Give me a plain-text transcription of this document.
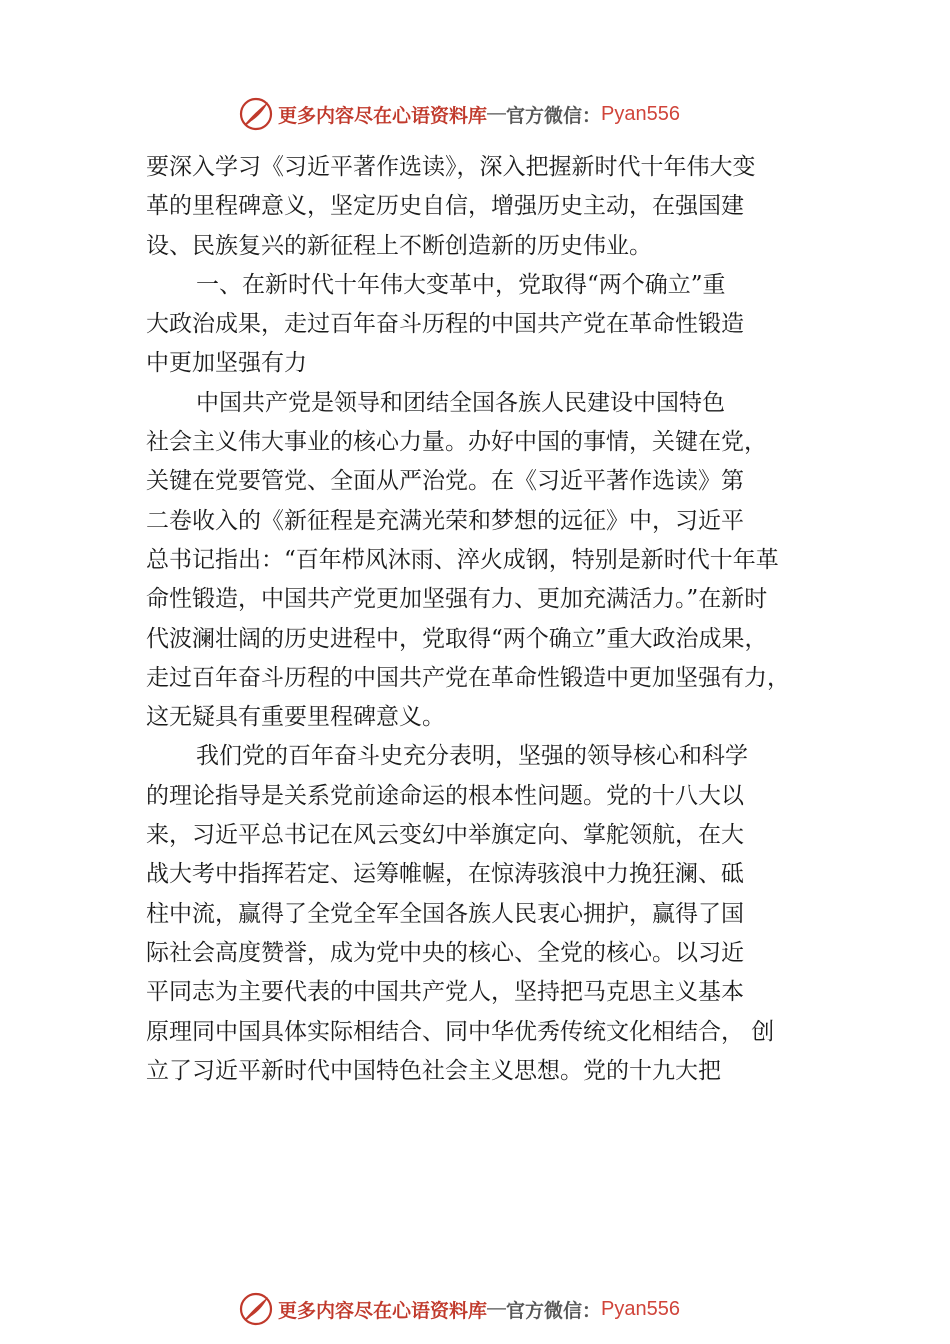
更多内容尽在心语资料库 — 官方微信： Pyan556
要深入学习《习近平著作选读》，深入把握新时代十年伟大变
革的里程碑意义，坚定历史自信，增强历史主动，在强国建
设、民族复兴的新征程上不断创造新的历史伟业。
一、在新时代十年伟大变革中，党取得“两个确立”重
大政治成果，走过百年奋斗历程的中国共产党在革命性锻造
中更加坚强有力
中国共产党是领导和团结全国各族人民建设中国特色
社会主义伟大事业的核心力量。办好中国的事情，关键在党，
关键在党要管党、全面从严治党。在《习近平著作选读》第
二卷收入的《新征程是充满光荣和梦想的远征》中，习近平
总书记指出：“百年栉风沐雨、淬火成钢，特别是新时代十年革
命性锻造，中国共产党更加坚强有力、更加充满活力。”在新时
代波澜壮阔的历史进程中，党取得“两个确立”重大政治成果，
走过百年奋斗历程的中国共产党在革命性锻造中更加坚强有力，
这无疑具有重要里程碑意义。
我们党的百年奋斗史充分表明，坚强的领导核心和科学
的理论指导是关系党前途命运的根本性问题。党的十八大以
来，习近平总书记在风云变幻中举旗定向、掌舵领航，在大
战大考中指挥若定、运筹帷幄，在惊涛骇浪中力挽狂澜、砥
柱中流，赢得了全党全军全国各族人民衷心拥护，赢得了国
际社会高度赞誉，成为党中央的核心、全党的核心。以习近
平同志为主要代表的中国共产党人，坚持把马克思主义基本
原理同中国具体实际相结合、同中华优秀传统文化相结合， 创
立了习近平新时代中国特色社会主义思想。党的十九大把
更多内容尽在心语资料库 — 官方微信： Pyan556
